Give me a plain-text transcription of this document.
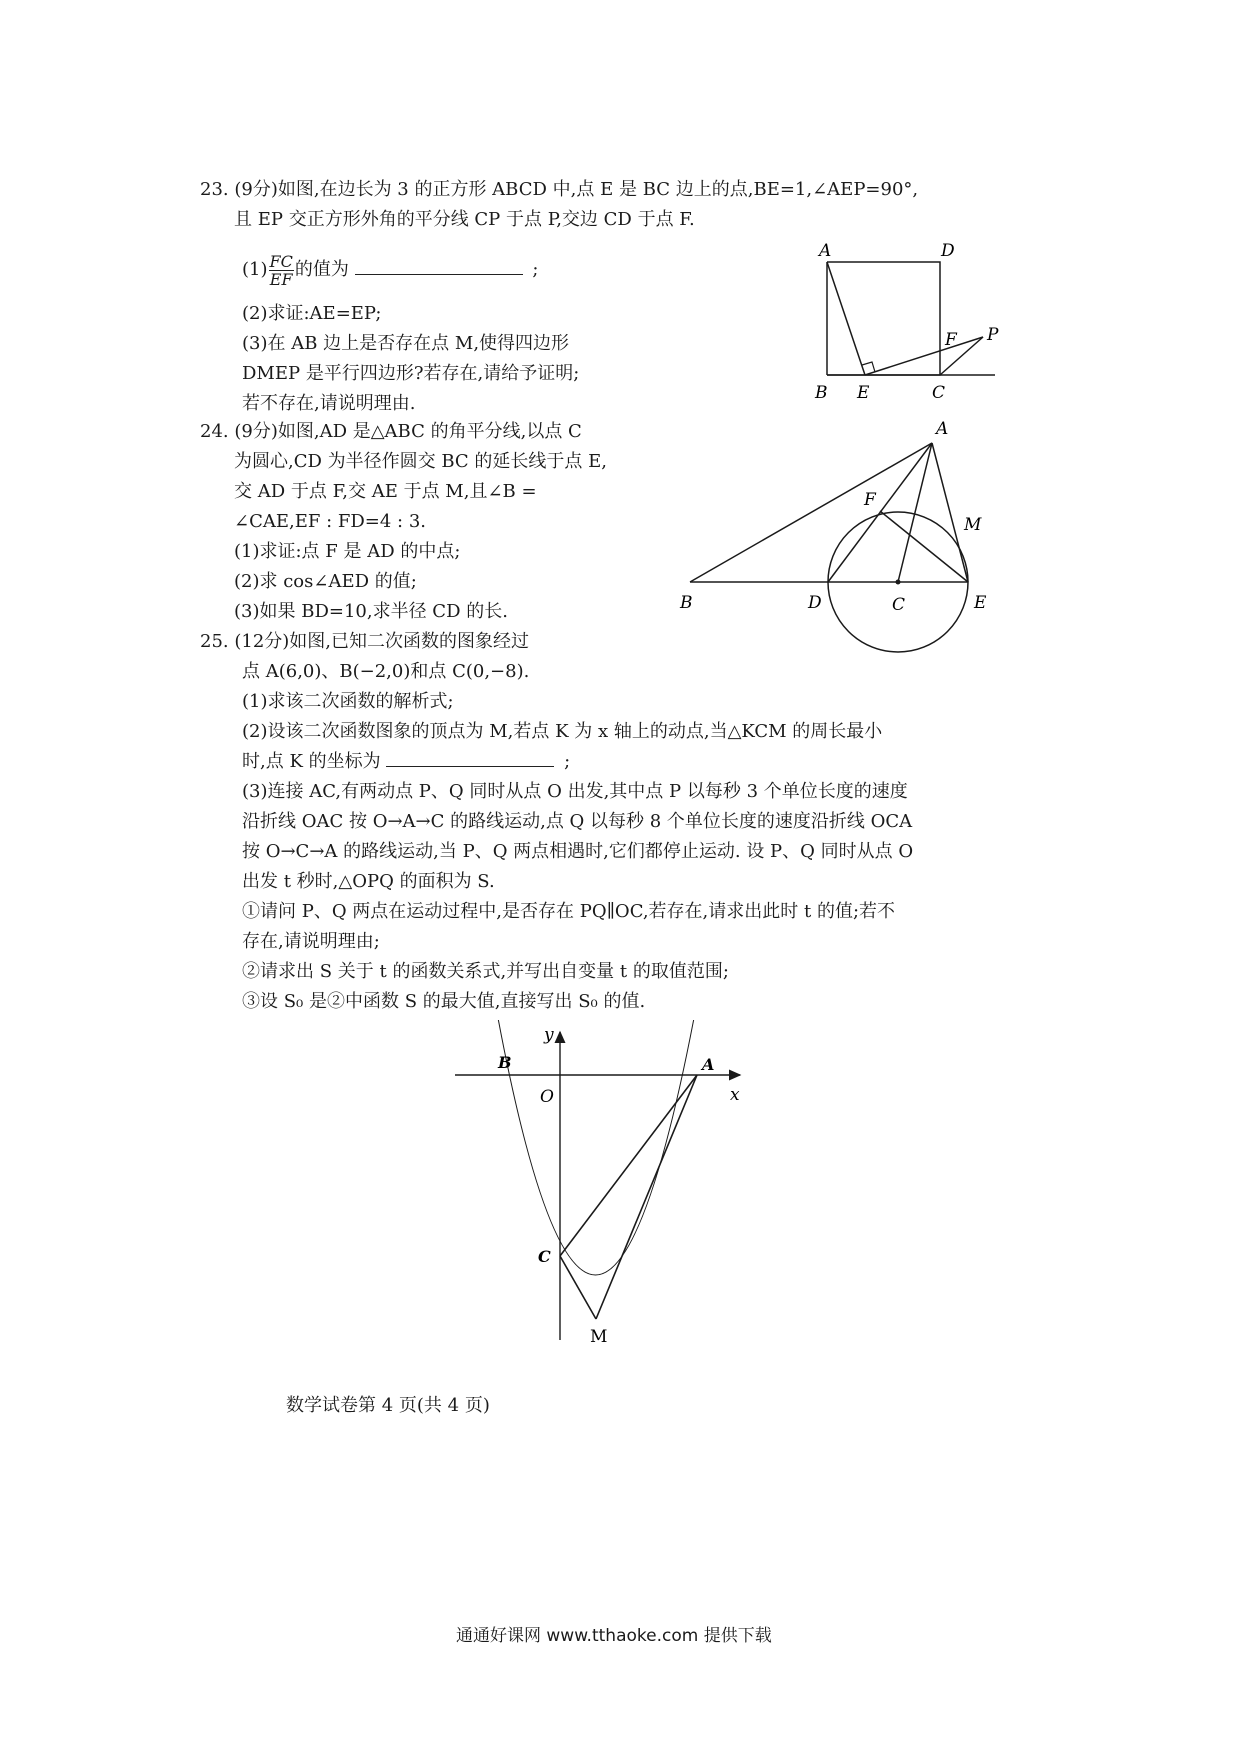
23. (9分)如图,在边长为 3 的正方形 ABCD 中,点 E 是 BC 边上的点,BE=1,∠AEP=90°,
且 EP 交正方形外角的平分线 CP 于点 P,交边 CD 于点 F.
$(1) \frac{FC}{EF}$ 的值为	;
(2)求证:AE=EP;
(3)在 AB 边上是否存在点 M,使得四边形
DMEP 是平行四边形?若存在,请给予证明;
若不存在,请说明理由.
A	D
B E	C
F P
24. (9分)如图,AD 是△ABC 的角平分线,以点 C
为圆心,CD 为半径作圆交 BC 的延长线于点 E,
交 AD 于点 F,交 AE 于点 M,且∠B =
∠CAE,EF : FD=4 : 3.
(1)求证:点 F 是 AD 的中点;
(2)求 cos∠AED 的值;
(3)如果 BD=10,求半径 CD 的长.
A
F
M
B	D	C	E
25. (12分)如图,已知二次函数的图象经过
点 A(6,0)、B(−2,0)和点 C(0,−8).
(1)求该二次函数的解析式;
(2)设该二次函数图象的顶点为 M,若点 K 为 x 轴上的动点,当△KCM 的周长最小
时,点 K 的坐标为	;
(3)连接 AC,有两动点 P、Q 同时从点 O 出发,其中点 P 以每秒 3 个单位长度的速度
沿折线 OAC 按 O→A→C 的路线运动,点 Q 以每秒 8 个单位长度的速度沿折线 OCA
按 O→C→A 的路线运动,当 P、Q 两点相遇时,它们都停止运动. 设 P、Q 同时从点 O
出发 t 秒时,△OPQ 的面积为 S.
①请问 P、Q 两点在运动过程中,是否存在 PQ∥OC,若存在,请求出此时 t 的值;若不
存在,请说明理由;
②请求出 S 关于 t 的函数关系式,并写出自变量 t 的取值范围;
③设 S₀ 是②中函数 S 的最大值,直接写出 S₀ 的值.
y
x
B
O
A
C
M
数学试卷第 4 页(共 4 页)
通通好课网 www.tthaoke.com 提供下载
